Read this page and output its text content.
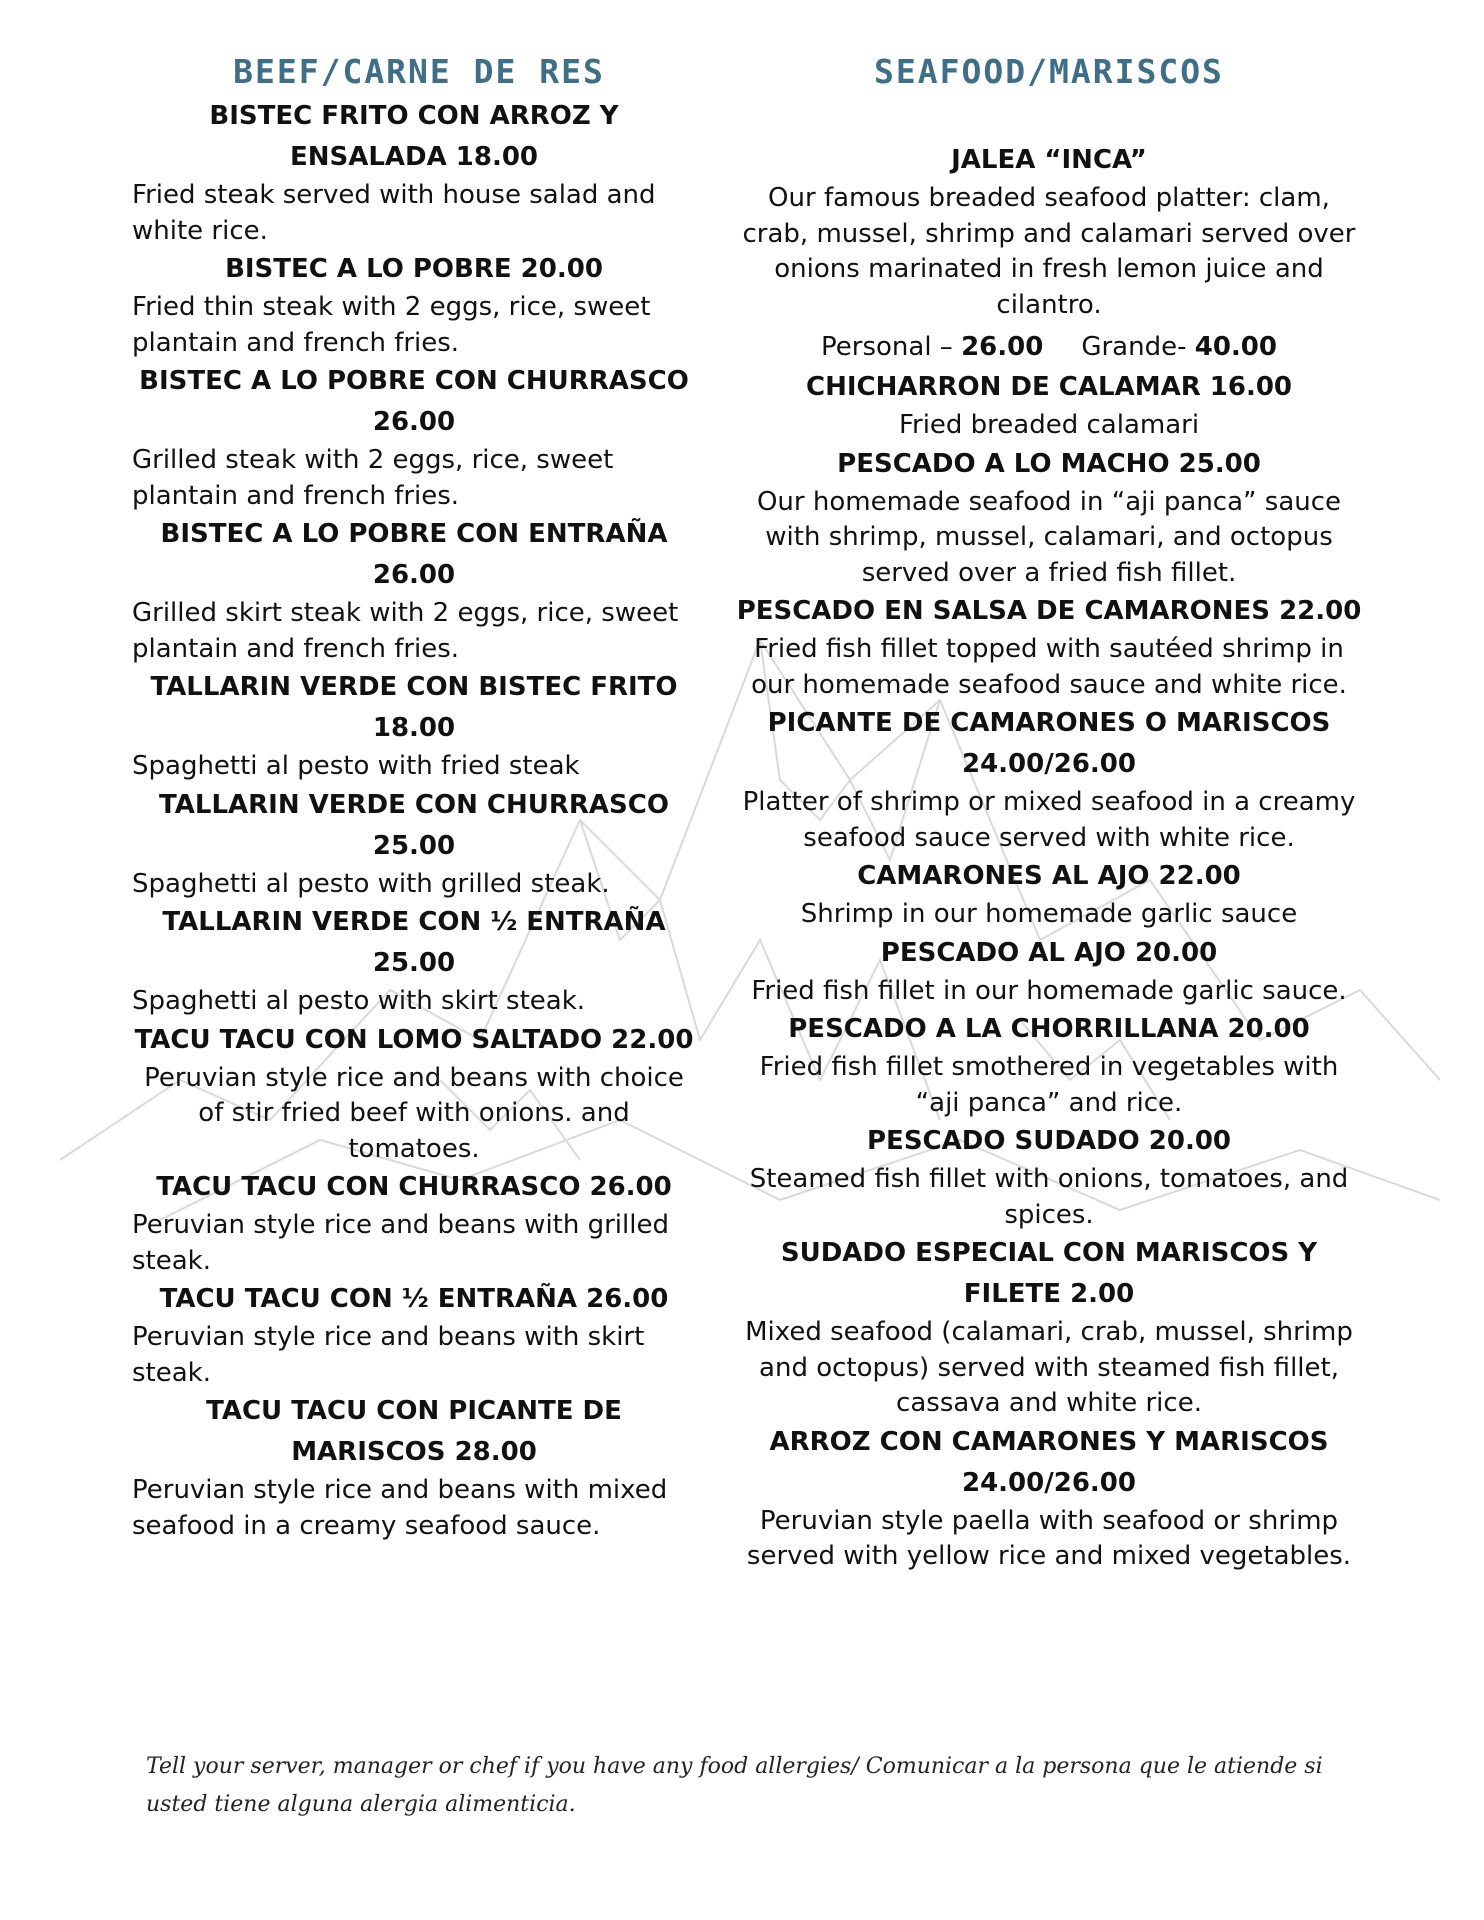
BEEF/CARNE DE RES

BISTEC FRITO CON ARROZ Y ENSALADA 18.00

Fried steak served with house salad and white rice.

BISTEC A LO POBRE 20.00

Fried thin steak with 2 eggs, rice, sweet plantain and french fries.

BISTEC A LO POBRE CON CHURRASCO 26.00

Grilled steak with 2 eggs, rice, sweet plantain and french fries.

BISTEC A LO POBRE CON ENTRAÑA 26.00

Grilled skirt steak with 2 eggs, rice, sweet plantain and french fries.

TALLARIN VERDE CON BISTEC FRITO 18.00

Spaghetti al pesto with fried steak

TALLARIN VERDE CON CHURRASCO 25.00

Spaghetti al pesto with grilled steak.

TALLARIN VERDE CON ½ ENTRAÑA 25.00

Spaghetti al pesto with skirt steak.

TACU TACU CON LOMO SALTADO 22.00

Peruvian style rice and beans with choice of stir fried beef with onions. and tomatoes.

TACU TACU CON CHURRASCO 26.00

Peruvian style rice and beans with grilled steak.

TACU TACU CON ½ ENTRAÑA 26.00

Peruvian style rice and beans with skirt steak.

TACU TACU CON PICANTE DE MARISCOS 28.00

Peruvian style rice and beans with mixed seafood in a creamy seafood sauce.

SEAFOOD/MARISCOS

JALEA “INCA”

Our famous breaded seafood platter: clam, crab, mussel, shrimp and calamari served over onions marinated in fresh lemon juice and cilantro.

Personal – 26.00 Grande- 40.00

CHICHARRON DE CALAMAR 16.00

Fried breaded calamari

PESCADO A LO MACHO 25.00

Our homemade seafood in “aji panca” sauce with shrimp, mussel, calamari, and octopus served over a fried fish fillet.

PESCADO EN SALSA DE CAMARONES 22.00

Fried fish fillet topped with sautéed shrimp in our homemade seafood sauce and white rice.

PICANTE DE CAMARONES O MARISCOS 24.00/26.00

Platter of shrimp or mixed seafood in a creamy seafood sauce served with white rice.

CAMARONES AL AJO 22.00

Shrimp in our homemade garlic sauce

PESCADO AL AJO 20.00

Fried fish fillet in our homemade garlic sauce.

PESCADO A LA CHORRILLANA 20.00

Fried fish fillet smothered in vegetables with “aji panca” and rice.

PESCADO SUDADO 20.00

Steamed fish fillet with onions, tomatoes, and spices.

SUDADO ESPECIAL CON MARISCOS Y FILETE 2.00

Mixed seafood (calamari, crab, mussel, shrimp and octopus) served with steamed fish fillet, cassava and white rice.

ARROZ CON CAMARONES Y MARISCOS 24.00/26.00

Peruvian style paella with seafood or shrimp served with yellow rice and mixed vegetables.

Tell your server, manager or chef if you have any food allergies/ Comunicar a la persona que le atiende si usted tiene alguna alergia alimenticia.
